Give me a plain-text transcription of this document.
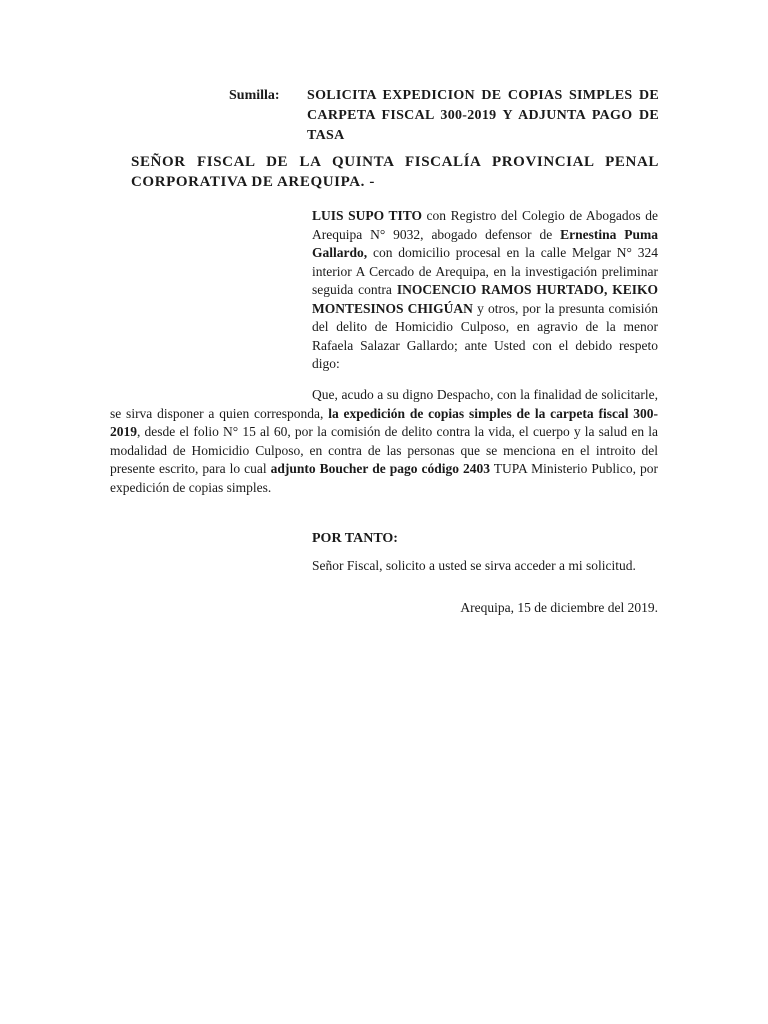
Sumilla: SOLICITA EXPEDICION DE COPIAS SIMPLES DE CARPETA FISCAL 300-2019 Y ADJUNTA PAGO DE TASA

SEÑOR FISCAL DE LA QUINTA FISCALÍA PROVINCIAL PENAL CORPORATIVA DE AREQUIPA. -

LUIS SUPO TITO con Registro del Colegio de Abogados de Arequipa N° 9032, abogado defensor de Ernestina Puma Gallardo, con domicilio procesal en la calle Melgar N° 324 interior A Cercado de Arequipa, en la investigación preliminar seguida contra INOCENCIO RAMOS HURTADO, KEIKO MONTESINOS CHIGÚAN y otros, por la presunta comisión del delito de Homicidio Culposo, en agravio de la menor Rafaela Salazar Gallardo; ante Usted con el debido respeto digo:

Que, acudo a su digno Despacho, con la finalidad de solicitarle, se sirva disponer a quien corresponda, la expedición de copias simples de la carpeta fiscal 300-2019, desde el folio N° 15 al 60, por la comisión de delito contra la vida, el cuerpo y la salud en la modalidad de Homicidio Culposo, en contra de las personas que se menciona en el introito del presente escrito, para lo cual adjunto Boucher de pago código 2403 TUPA Ministerio Publico, por expedición de copias simples.

POR TANTO:

Señor Fiscal, solicito a usted se sirva acceder a mi solicitud.

Arequipa, 15 de diciembre del 2019.
